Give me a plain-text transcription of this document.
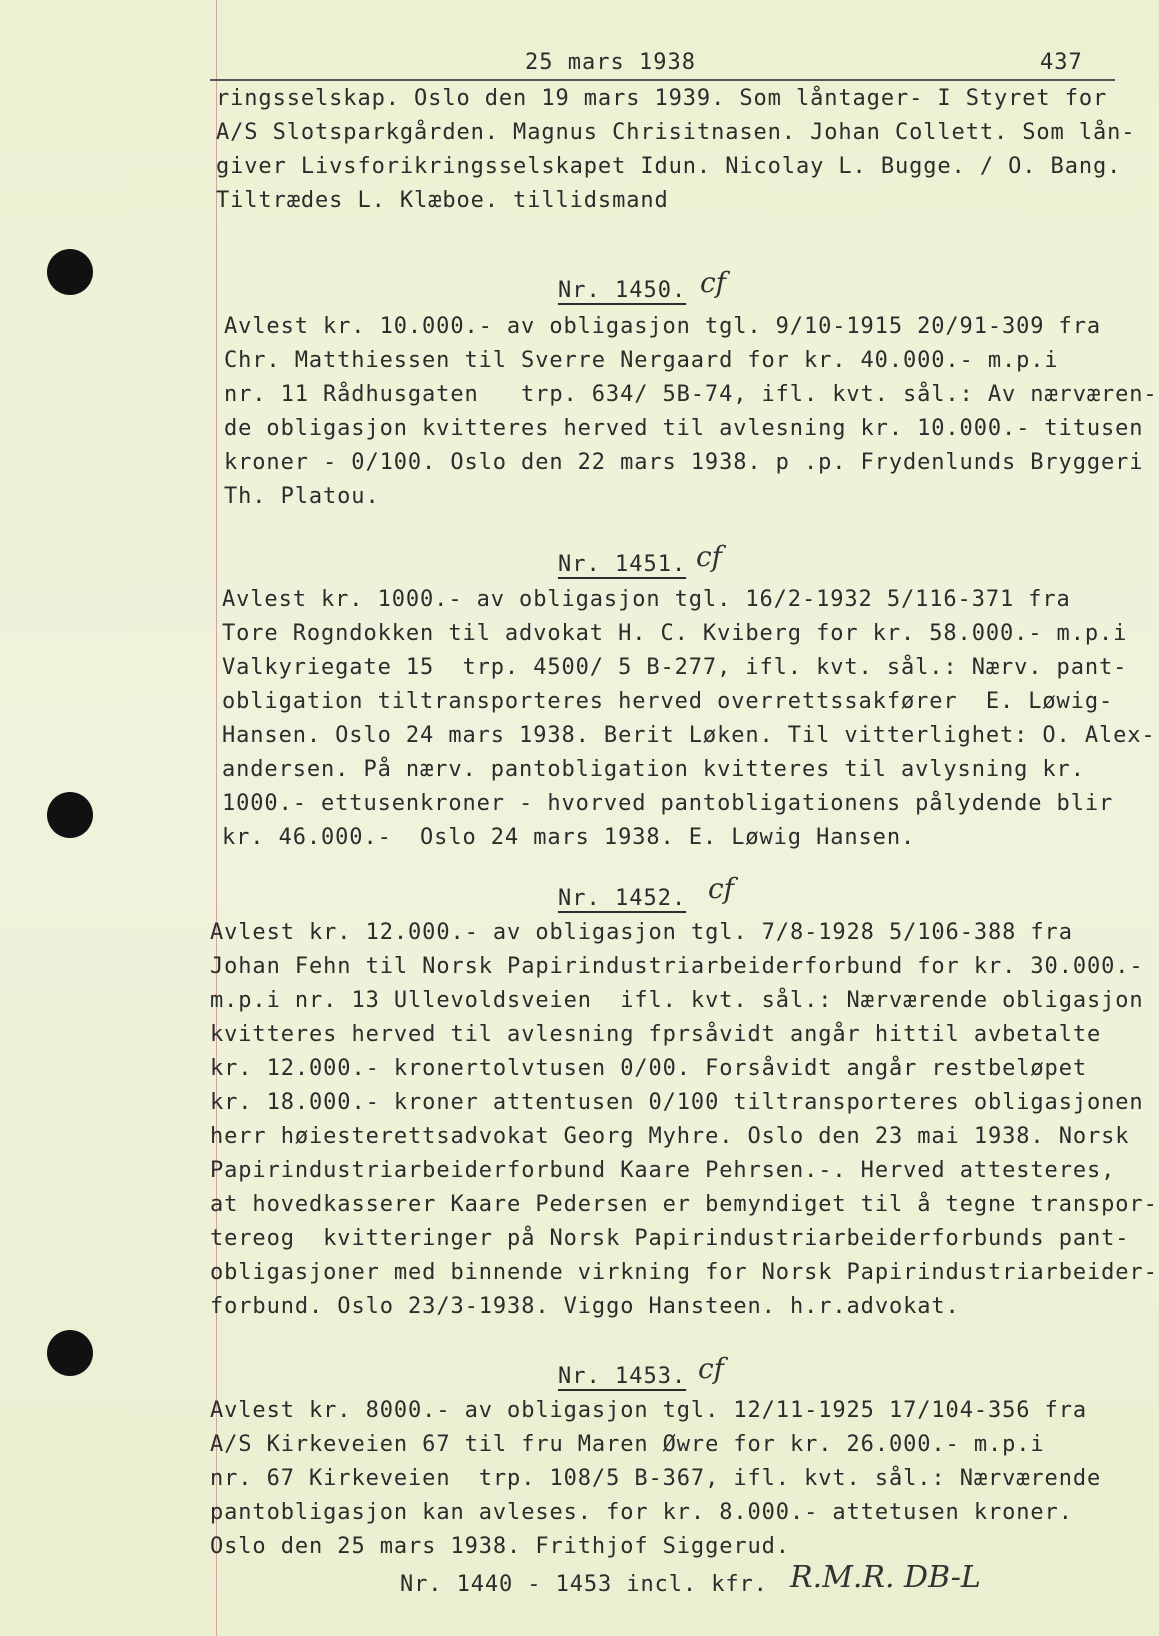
25 mars 1938	437
ringsselskap. Oslo den 19 mars 1939. Som låntager- I Styret for
A/S Slotsparkgården. Magnus Chrisitnasen. Johan Collett. Som lån-
giver Livsforikringsselskapet Idun. Nicolay L. Bugge. / O. Bang.
Tiltrædes L. Klæboe. tillidsmand
Nr. 1450. cf
Avlest kr. 10.000.- av obligasjon tgl. 9/10-1915 20/91-309 fra
Chr. Matthiessen til Sverre Nergaard for kr. 40.000.- m.p.i
nr. 11 Rådhusgaten   trp. 634/ 5B-74, ifl. kvt. sål.: Av nærværen-
de obligasjon kvitteres herved til avlesning kr. 10.000.- titusen
kroner - 0/100. Oslo den 22 mars 1938. p .p. Frydenlunds Bryggeri
Th. Platou.
Nr. 1451. cf
Avlest kr. 1000.- av obligasjon tgl. 16/2-1932 5/116-371 fra
Tore Rogndokken til advokat H. C. Kviberg for kr. 58.000.- m.p.i
Valkyriegate 15  trp. 4500/ 5 B-277, ifl. kvt. sål.: Nærv. pant-
obligation tiltransporteres herved overrettssakfører  E. Løwig-
Hansen. Oslo 24 mars 1938. Berit Løken. Til vitterlighet: O. Alex-
andersen. På nærv. pantobligation kvitteres til avlysning kr.
1000.- ettusenkroner - hvorved pantobligationens pålydende blir
kr. 46.000.-  Oslo 24 mars 1938. E. Løwig Hansen.
Nr. 1452. cf
Avlest kr. 12.000.- av obligasjon tgl. 7/8-1928 5/106-388 fra
Johan Fehn til Norsk Papirindustriarbeiderforbund for kr. 30.000.-
m.p.i nr. 13 Ullevoldsveien  ifl. kvt. sål.: Nærværende obligasjon
kvitteres herved til avlesning fprsåvidt angår hittil avbetalte
kr. 12.000.- kronertolvtusen 0/00. Forsåvidt angår restbeløpet
kr. 18.000.- kroner attentusen 0/100 tiltransporteres obligasjonen
herr høiesterettsadvokat Georg Myhre. Oslo den 23 mai 1938. Norsk
Papirindustriarbeiderforbund Kaare Pehrsen.-. Herved attesteres,
at hovedkasserer Kaare Pedersen er bemyndiget til å tegne transpor-
tereog  kvitteringer på Norsk Papirindustriarbeiderforbunds pant-
obligasjoner med binnende virkning for Norsk Papirindustriarbeider-
forbund. Oslo 23/3-1938. Viggo Hansteen. h.r.advokat.
Nr. 1453. cf
Avlest kr. 8000.- av obligasjon tgl. 12/11-1925 17/104-356 fra
A/S Kirkeveien 67 til fru Maren Øwre for kr. 26.000.- m.p.i
nr. 67 Kirkeveien  trp. 108/5 B-367, ifl. kvt. sål.: Nærværende
pantobligasjon kan avleses. for kr. 8.000.- attetusen kroner.
Oslo den 25 mars 1938. Frithjof Siggerud.
Nr. 1440 - 1453 incl. kfr. R.M.R. DB-L
